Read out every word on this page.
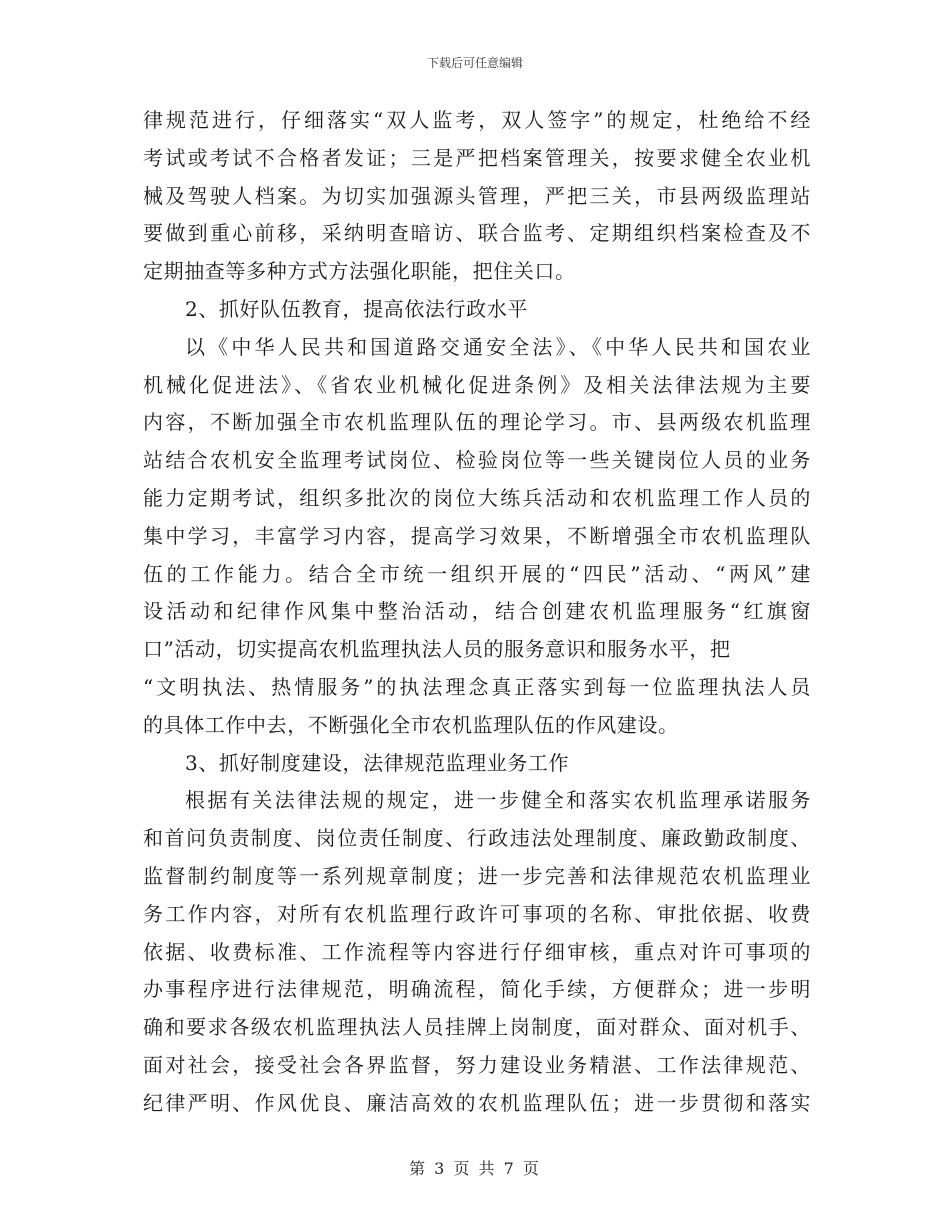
下载后可任意编辑
律规范进行，仔细落实“双人监考，双人签字”的规定，杜绝给不经
考试或考试不合格者发证；三是严把档案管理关，按要求健全农业机
械及驾驶人档案。为切实加强源头管理，严把三关，市县两级监理站
要做到重心前移，采纳明查暗访、联合监考、定期组织档案检查及不
定期抽查等多种方式方法强化职能，把住关口。
2、抓好队伍教育，提高依法行政水平
以《中华人民共和国道路交通安全法》、《中华人民共和国农业
机械化促进法》、《省农业机械化促进条例》及相关法律法规为主要
内容，不断加强全市农机监理队伍的理论学习。市、县两级农机监理
站结合农机安全监理考试岗位、检验岗位等一些关键岗位人员的业务
能力定期考试，组织多批次的岗位大练兵活动和农机监理工作人员的
集中学习，丰富学习内容，提高学习效果，不断增强全市农机监理队
伍的工作能力。结合全市统一组织开展的“四民”活动、“两风”建
设活动和纪律作风集中整治活动，结合创建农机监理服务“红旗窗
口”活动，切实提高农机监理执法人员的服务意识和服务水平，把
“文明执法、热情服务”的执法理念真正落实到每一位监理执法人员
的具体工作中去，不断强化全市农机监理队伍的作风建设。
3、抓好制度建设，法律规范监理业务工作
根据有关法律法规的规定，进一步健全和落实农机监理承诺服务
和首问负责制度、岗位责任制度、行政违法处理制度、廉政勤政制度、
监督制约制度等一系列规章制度；进一步完善和法律规范农机监理业
务工作内容，对所有农机监理行政许可事项的名称、审批依据、收费
依据、收费标准、工作流程等内容进行仔细审核，重点对许可事项的
办事程序进行法律规范，明确流程，简化手续，方便群众；进一步明
确和要求各级农机监理执法人员挂牌上岗制度，面对群众、面对机手、
面对社会，接受社会各界监督，努力建设业务精湛、工作法律规范、
纪律严明、作风优良、廉洁高效的农机监理队伍；进一步贯彻和落实
第 3 页 共 7 页
